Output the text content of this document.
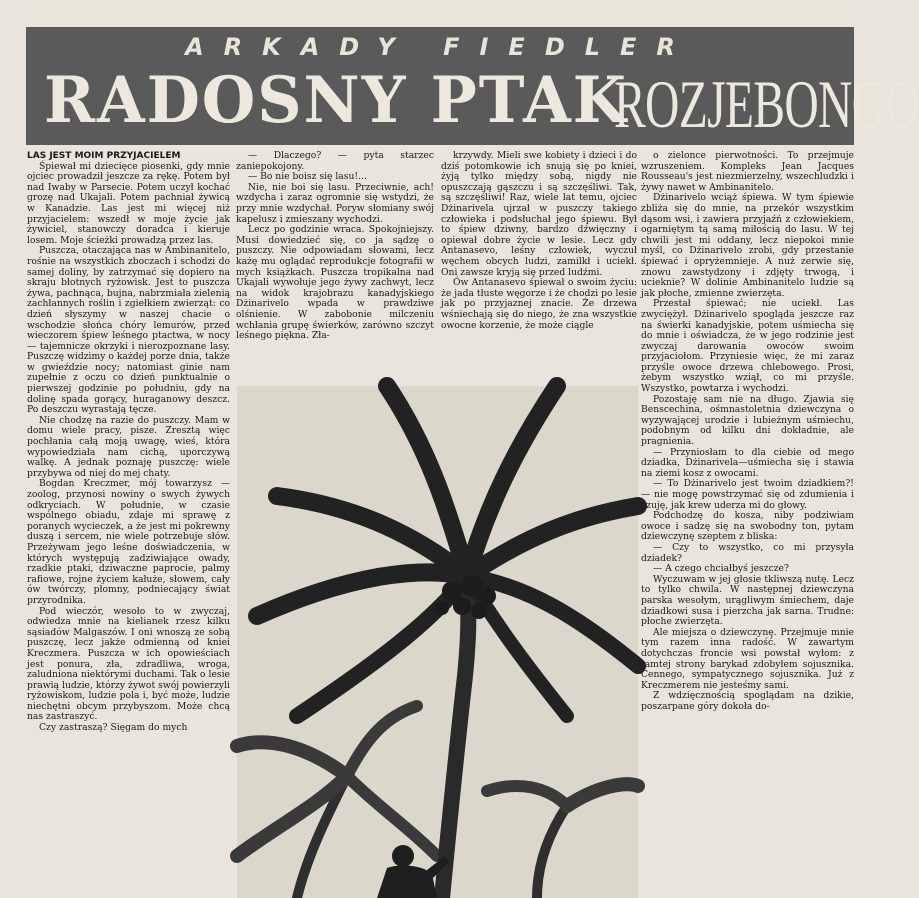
ARKADY FIEDLER
RADOSNY PTAK
ROZJEBONGO

LAS JEST MOIM PRZYJACIELEM

Śpiewał mi dziecięce piosenki, gdy mnie ojciec prowadził jeszcze za rękę. Potem był nad Iwaby w Parsecie. Potem uczył kochać grozę nad Ukajali. Potem pachniał żywicą w Kanadzie. Las jest mi więcej niż przyjacielem: wszedł w moje życie jak żywiciel, stanowczy doradca i kieruje losem. Moje ścieżki prowadzą przez las.

Puszcza, otaczająca nas w Ambinanitelo, rośnie na wszystkich zboczach i schodzi do samej doliny, by zatrzymać się dopiero na skraju błotnych ryżowisk. Jest to puszcza żywa, pachnąca, bujna, nabrzmiała zielenią zachłannych roślin i zgiełkiem zwierząt: co dzień słyszymy w naszej chacie o wschodzie słońca chóry lemurów, przed wieczorem śpiew leśnego ptactwa, w nocy — tajemnicze okrzyki i nierozpoznane lasy. Puszczę widzimy o każdej porze dnia, także w gwieździe nocy; natomiast ginie nam zupełnie z oczu co dzień punktualnie o pierwszej godzinie po południu, gdy na dolinę spada gorący, huraganowy deszcz. Po deszczu wyrastają tęcze.

Nie chodzę na razie do puszczy. Mam w domu wiele pracy, pisze. Zresztą więc pochłania całą moją uwagę, wieś, która wypowiedziała nam cichą, uporczywą walkę. A jednak poznaję puszczę: wiele przybywa od niej do mej chaty.

Bogdan Kreczmer, mój towarzysz — zoolog, przynosi nowiny o swych żywych odkryciach. W południe, w czasie wspólnego obiadu, zdaje mi sprawę z poranych wycieczek, a że jest mi pokrewny duszą i sercem, nie wiele potrzebuje słów. Przeżywam jego leśne doświadczenia, w których występują zadziwiające owady, rzadkie ptaki, dziwaczne paprocie, palmy rafiowe, rojne życiem kałuże, słowem, cały ów twórczy, płomny, podniecający świat przyrodnika.

Pod wieczór, wesoło to w zwyczaj, odwiedza mnie na kielianek rzesz kilku sąsiadów Malgaszów. I oni wnoszą ze sobą puszczę, lecz jakże odmienną od kniei Kreczmera. Puszcza w ich opowieściach jest ponura, zła, zdradliwa, wroga, zaludniona niektórymi duchami. Tak o lesie prawią ludzie, którzy żywot swój powierzyli ryżowiskom, ludzie pola i, być może, ludzie niechętni obcym przybyszom. Może chcą nas zastraszyć.

Czy zastraszą? Sięgam do mych

— Dlaczego? — pyta starzec zaniepokojony.

— Bo nie boisz się lasu!...

Nie, nie boi się lasu. Przeciwnie, ach! wzdycha i zaraz ogromnie się wstydzi, że przy mnie wzdychał. Poryw słomiany swój kapelusz i zmieszany wychodzi.

Lecz po godzinie wraca. Spokojniejszy. Musi dowiedzieć się, co ja sądzę o puszczy. Nie odpowiadam słowami, lecz każę mu oglądać reprodukcje fotografii w mych książkach. Puszcza tropikalna nad Ukajali wywołuje jego żywy zachwyt, lecz na widok krajobrazu kanadyjskiego Dżinarivelo wpada w prawdziwe olśnienie. W zabobonie milczeniu wchłania grupę świerków, zarówno szczyt leśnego piękna. Zła-

krzywdy. Mieli swe kobiety i dzieci i do dziś potomkowie ich snują się po kniei, żyją tylko między sobą, nigdy nie opuszczają gąszczu i są szczęśliwi. Tak, są szczęśliwi! Raz, wiele lat temu, ojciec Dżinarivela ujrzał w puszczy takiego człowieka i podsłuchał jego śpiewu. Był to śpiew dziwny, bardzo dźwięczny i opiewał dobre życie w lesie. Lecz gdy Antanasevo, leśny człowiek, wyczuł węchem obcych ludzi, zamilkł i uciekł. Oni zawsze kryją się przed ludźmi.

Ów Antanasevo śpiewał o swoim życiu: że jada tłuste węgorze i że chodzi po lesie jak po przyjaznej znacie. Że drzewa wśniechają się do niego, że zna wszystkie owocne korzenie, że może ciągle

o zielonce pierwotności. To przejmuje wzruszeniem. Kompleks Jean Jacques Rousseau's jest niezmierzelny, wszechludzki i żywy nawet w Ambinanitelo.

Dżinarivelo wciąż śpiewa. W tym śpiewie zbliża się do mnie, na przekór wszystkim dąsom wsi, i zawiera przyjaźń z człowiekiem, ogarniętym tą samą miłością do lasu. W tej chwili jest mi oddany, lecz niepokoi mnie myśl, co Dżinarivelo zrobi, gdy przestanie śpiewać i opryżemnieje. A nuż zerwie się, znowu zawstydzony i zdjęty trwogą, i ucieknie? W dolinie Ambinanitelo ludzie są jak płoche, zmienne zwierzęta.

Przestał śpiewać; nie uciekł. Las zwyciężył. Dżinarivelo spogląda jeszcze raz na świerki kanadyjskie, potem uśmiecha się do mnie i oświadcza, że w jego rodzinie jest zwyczaj darowania owoców swoim przyjaciołom. Przyniesie więc, że mi zaraz przyśle owoce drzewa chlebowego. Prosi, żebym wszystko wziął, co mi przyśle. Wszystko, powtarza i wychodzi.

Pozostaję sam nie na długo. Zjawia się Benscechina, ośmnastoletnia dziewczyna o wyzywającej urodzie i lubieżnym uśmiechu, podobnym od kilku dni dokładnie, ale pragnienia.

— Przyniosłam to dla ciebie od mego dziadka, Dżinarivela—uśmiecha się i stawia na ziemi kosz z owocami.

— To Dżinarivelo jest twoim dziadkiem?! — nie mogę powstrzymać się od zdumienia i czuję, jak krew uderza mi do głowy.

Podchodzę do kosza, niby podziwiam owoce i sadzę się na swobodny ton, pytam dziewczynę szeptem z bliska:

— Czy to wszystko, co mi przysyła dziadek?

— A czego chciałbyś jeszcze?

Wyczuwam w jej głosie tkliwszą nutę. Lecz to tylko chwila. W następnej dziewczyna parska wesołym, urągliwym śmiechem, daje dziadkowi susa i pierzcha jak sarna. Trudne: płoche zwierzęta.

Ale miejsza o dziewczynę. Przejmuje mnie tym razem inna radość. W zawartym dotychczas froncie wsi powstał wyłom: z tamtej strony barykad zdobyłem sojusznika. Cennego, sympatycznego sojusznika. Już z Kreczmerem nie jesteśmy sami.

Z wdzięcznością spoglądam na dzikie, poszarpane góry dokoła do-
